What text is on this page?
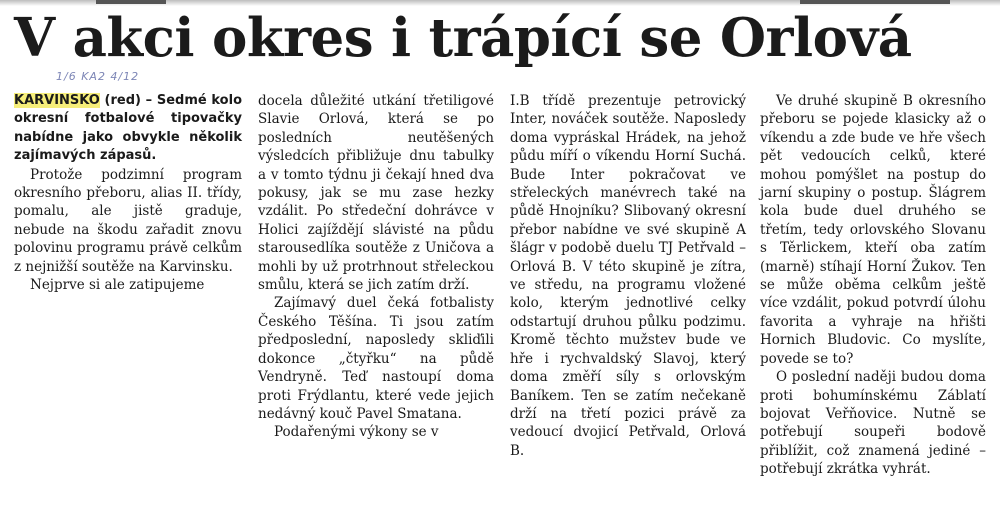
V akci okres i trápící se Orlová
1/6 KA2 4/12

KARVINSKO (red) – Sedmé kolo okresní fotbalové tipovačky nabídne jako obvykle několik zajímavých zápasů.

Protože podzimní program okresního přeboru, alias II. třídy, pomalu, ale jistě graduje, nebude na škodu zařadit znovu polovinu programu právě celkům z nejnižší soutěže na Karvinsku.

Nejprve si ale zatipujeme

docela důležité utkání třetiligové Slavie Orlová, která se po posledních neutěšených výsledcích přibližuje dnu tabulky a v tomto týdnu ji čekají hned dva pokusy, jak se mu zase hezky vzdálit. Po středeční dohrávce v Holici zajíždějí slávisté na půdu starousedlíka soutěže z Uničova a mohli by už protrhnout střeleckou smůlu, která se jich zatím drží.

Zajímavý duel čeká fotbalisty Českého Těšína. Ti jsou zatím předposlední, naposledy skliďili dokonce „čtyřku“ na půdě Vendryně. Teď nastoupí doma proti Frýdlantu, které vede jejich nedávný kouč Pavel Smatana.

Podařenými výkony se v

I.B třídě prezentuje petrovický Inter, nováček soutěže. Naposledy doma vypráskal Hrádek, na jehož půdu míří o víkendu Horní Suchá. Bude Inter pokračovat ve střeleckých manévrech také na půdě Hnojníku? Slibovaný okresní přebor nabídne ve své skupině A šlágr v podobě duelu TJ Petřvald – Orlová B. V této skupině je zítra, ve středu, na programu vložené kolo, kterým jednotlivé celky odstartují druhou půlku podzimu. Kromě těchto mužstev bude ve hře i rychvaldský Slavoj, který doma změří síly s orlovským Baníkem. Ten se zatím nečekaně drží na třetí pozici právě za vedoucí dvojicí Petřvald, Orlová B.

Ve druhé skupině B okresního přeboru se pojede klasicky až o víkendu a zde bude ve hře všech pět vedoucích celků, které mohou pomýšlet na postup do jarní skupiny o postup. Šlágrem kola bude duel druhého se třetím, tedy orlovského Slovanu s Těrlickem, kteří oba zatím (marně) stíhají Horní Žukov. Ten se může oběma celkům ještě více vzdálit, pokud potvrdí úlohu favorita a vyhraje na hřišti Hornich Bludovic. Co myslíte, povede se to?

O poslední naději budou doma proti bohumínskému Záblatí bojovat Veřňovice. Nutně se potřebují soupeři bodově přiblížit, což znamená jediné – potřebují zkrátka vyhrát.
